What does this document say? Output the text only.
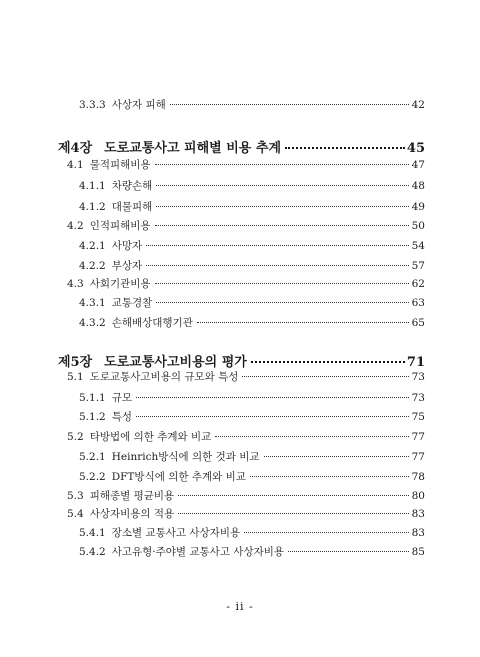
3.3.3 사상자 피해	42
제4장 도로교통사고 피해별 비용 추계	45
4.1 물적피해비용	47
4.1.1 차량손해	48
4.1.2 대물피해	49
4.2 인적피해비용	50
4.2.1 사망자	54
4.2.2 부상자	57
4.3 사회기관비용	62
4.3.1 교통경찰	63
4.3.2 손해배상대행기관	65
제5장 도로교통사고비용의 평가	71
5.1 도로교통사고비용의 규모와 특성	73
5.1.1 규모	73
5.1.2 특성	75
5.2 타방법에 의한 추계와 비교	77
5.2.1 Heinrich방식에 의한 것과 비교	77
5.2.2 DFT방식에 의한 추계와 비교	78
5.3 피해종별 평균비용	80
5.4 사상자비용의 적용	83
5.4.1 장소별 교통사고 사상자비용	83
5.4.2 사고유형·주야별 교통사고 사상자비용	85
- ii -
